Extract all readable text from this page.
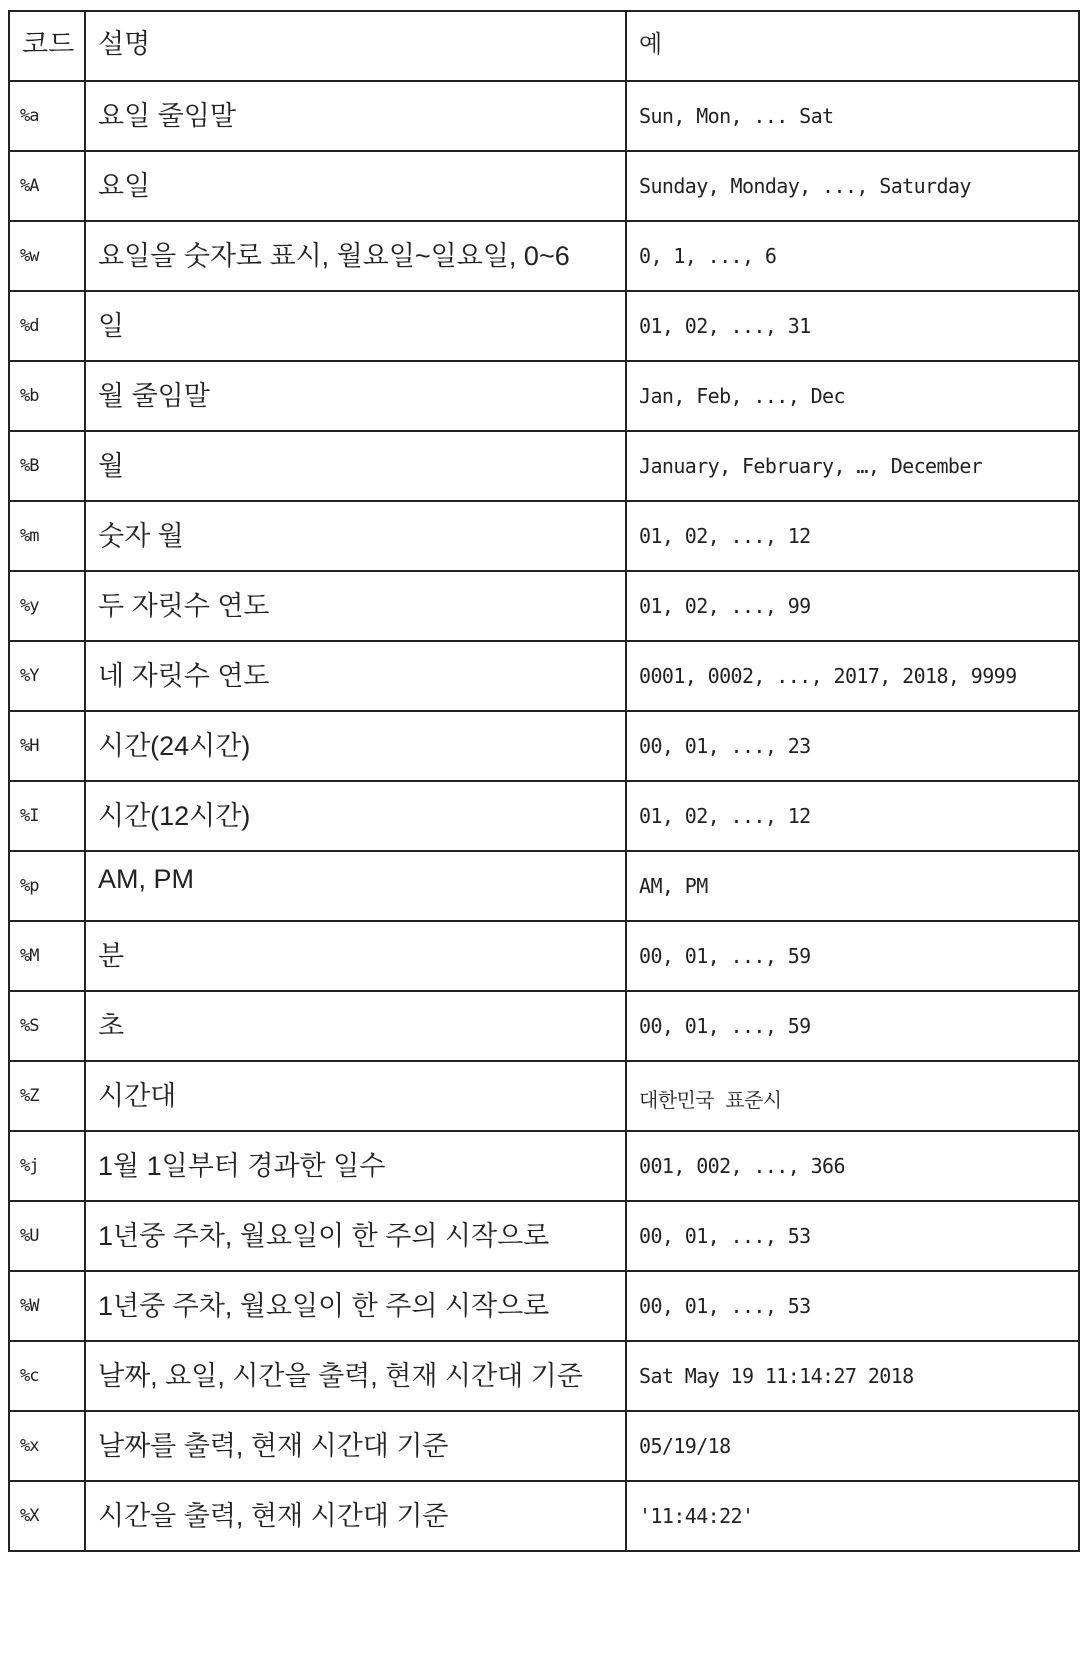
코드	설명	예
%a	요일 줄임말	Sun, Mon, ... Sat
%A	요일	Sunday, Monday, ..., Saturday
%w	요일을 숫자로 표시, 월요일~일요일, 0~6	0, 1, ..., 6
%d	일	01, 02, ..., 31
%b	월 줄임말	Jan, Feb, ..., Dec
%B	월	January, February, …, December
%m	숫자 월	01, 02, ..., 12
%y	두 자릿수 연도	01, 02, ..., 99
%Y	네 자릿수 연도	0001, 0002, ..., 2017, 2018, 9999
%H	시간(24시간)	00, 01, ..., 23
%I	시간(12시간)	01, 02, ..., 12
%p	AM, PM	AM, PM
%M	분	00, 01, ..., 59
%S	초	00, 01, ..., 59
%Z	시간대	대한민국 표준시
%j	1월 1일부터 경과한 일수	001, 002, ..., 366
%U	1년중 주차, 월요일이 한 주의 시작으로	00, 01, ..., 53
%W	1년중 주차, 월요일이 한 주의 시작으로	00, 01, ..., 53
%c	날짜, 요일, 시간을 출력, 현재 시간대 기준	Sat May 19 11:14:27 2018
%x	날짜를 출력, 현재 시간대 기준	05/19/18
%X	시간을 출력, 현재 시간대 기준	'11:44:22'
